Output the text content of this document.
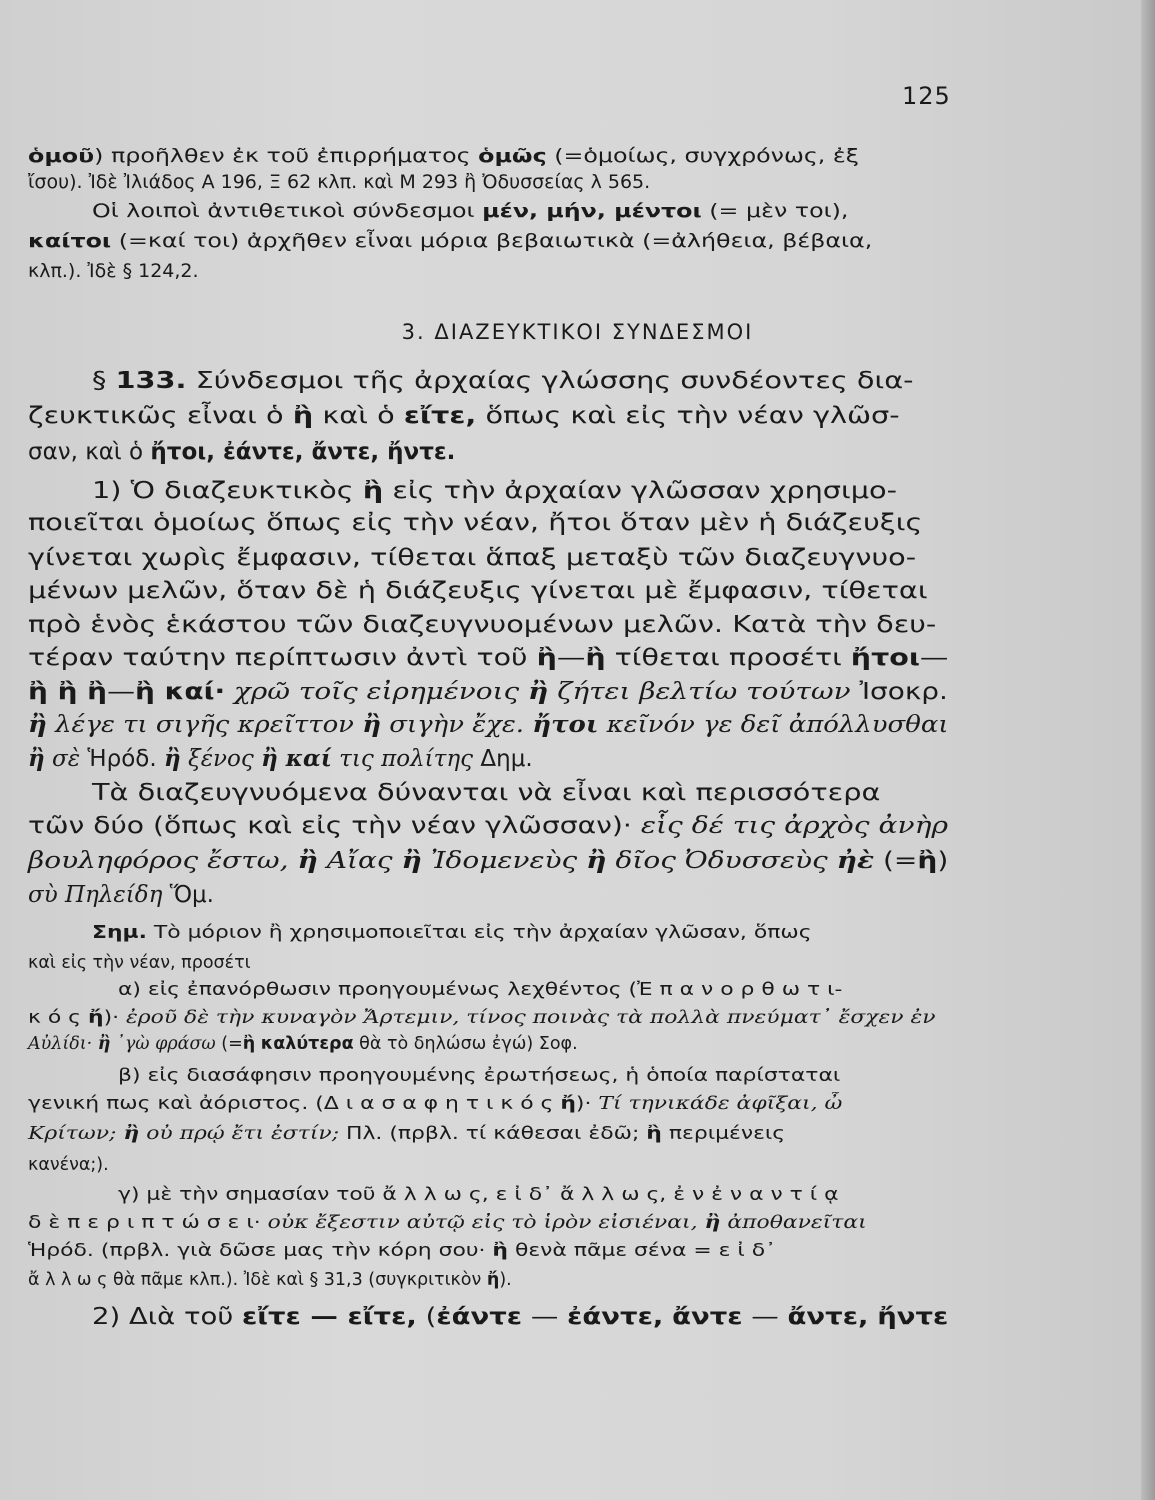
125
3. ΔΙΑΖΕΥΚΤΙΚΟΙ ΣΥΝΔΕΣΜΟΙ
ὁμοῦ) προῆλθεν ἐκ τοῦ ἐπιρρήματος ὁμῶς (=ὁμοίως, συγχρόνως, ἐξ
ἴσου). Ἰδὲ Ἰλιάδος Α 196, Ξ 62 κλπ. καὶ Μ 293 ἢ Ὀδυσσείας λ 565.
Οἱ λοιποὶ ἀντιθετικοὶ σύνδεσμοι μέν, μήν, μέντοι (= μὲν τοι),
καίτοι (=καί τοι) ἀρχῆθεν εἶναι μόρια βεβαιωτικὰ (=ἀλήθεια, βέβαια,
κλπ.). Ἰδὲ § 124,2.
§ 133. Σύνδεσμοι τῆς ἀρχαίας γλώσσης συνδέοντες δια-
ζευκτικῶς εἶναι ὁ ἢ καὶ ὁ εἴτε, ὅπως καὶ εἰς τὴν νέαν γλῶσ-
σαν, καὶ ὁ ἤτοι, ἐάντε, ἄντε, ἤντε.
1) Ὁ διαζευκτικὸς ἢ εἰς τὴν ἀρχαίαν γλῶσσαν χρησιμο-
ποιεῖται ὁμοίως ὅπως εἰς τὴν νέαν, ἤτοι ὅταν μὲν ἡ διάζευξις
γίνεται χωρὶς ἔμφασιν, τίθεται ἅπαξ μεταξὺ τῶν διαζευγνυο-
μένων μελῶν, ὅταν δὲ ἡ διάζευξις γίνεται μὲ ἔμφασιν, τίθεται
πρὸ ἑνὸς ἑκάστου τῶν διαζευγνυομένων μελῶν. Κατὰ τὴν δευ-
τέραν ταύτην περίπτωσιν ἀντὶ τοῦ ἢ—ἢ τίθεται προσέτι ἤτοι—
ἢ ἢ ἢ—ἢ καί· χρῶ τοῖς εἰρημένοις ἢ ζήτει βελτίω τούτων Ἰσοκρ.
ἢ λέγε τι σιγῆς κρεῖττον ἢ σιγὴν ἔχε. ἤτοι κεῖνόν γε δεῖ ἀπόλλυσθαι
ἢ σὲ Ἡρόδ. ἢ ξένος ἢ καί τις πολίτης Δημ.
Τὰ διαζευγνυόμενα δύνανται νὰ εἶναι καὶ περισσότερα
τῶν δύο (ὅπως καὶ εἰς τὴν νέαν γλῶσσαν)· εἷς δέ τις ἀρχὸς ἀνὴρ
βουληφόρος ἔστω, ἢ Αἴας ἢ Ἰδομενεὺς ἢ δῖος Ὀδυσσεὺς ἠὲ (=ἢ)
σὺ Πηλείδη Ὅμ.
Σημ. Τὸ μόριον ἢ χρησιμοποιεῖται εἰς τὴν ἀρχαίαν γλῶσαν, ὅπως
καὶ εἰς τὴν νέαν, προσέτι
α) εἰς ἐπανόρθωσιν προηγουμένως λεχθέντος (Ἐ π α ν ο ρ θ ω τ ι-
κ ό ς ἤ)· ἐροῦ δὲ τὴν κυναγὸν Ἄρτεμιν, τίνος ποινὰς τὰ πολλὰ πνεύματ᾽ ἔσχεν ἐν
Αὐλίδι· ἢ ᾽γὼ φράσω (=ἢ καλύτερα θὰ τὸ δηλώσω ἐγώ) Σοφ.
β) εἰς διασάφησιν προηγουμένης ἐρωτήσεως, ἡ ὁποία παρίσταται
γενική πως καὶ ἀόριστος. (Δ ι α σ α φ η τ ι κ ό ς ἤ)· Τί τηνικάδε ἀφῖξαι, ὦ
Κρίτων; ἢ οὐ πρῴ ἔτι ἐστίν; Πλ. (πρβλ. τί κάθεσαι ἐδῶ; ἢ περιμένεις
κανένα;).
γ) μὲ τὴν σημασίαν τοῦ ἄ λ λ ω ς, ε ἰ δ᾽ ἄ λ λ ω ς, ἐ ν ἐ ν α ν τ ί ᾳ
δ ὲ π ε ρ ι π τ ώ σ ε ι· οὐκ ἔξεστιν αὐτῷ εἰς τὸ ἱρὸν εἰσιέναι, ἢ ἀποθανεῖται
Ἡρόδ. (πρβλ. γιὰ δῶσε μας τὴν κόρη σου· ἢ θενὰ πᾶμε σένα = ε ἰ δ᾽
ἄ λ λ ω ς θὰ πᾶμε κλπ.). Ἰδὲ καὶ § 31,3 (συγκριτικὸν ἤ).
2) Διὰ τοῦ εἴτε — εἴτε, (ἐάντε — ἐάντε, ἄντε — ἄντε, ἤντε
